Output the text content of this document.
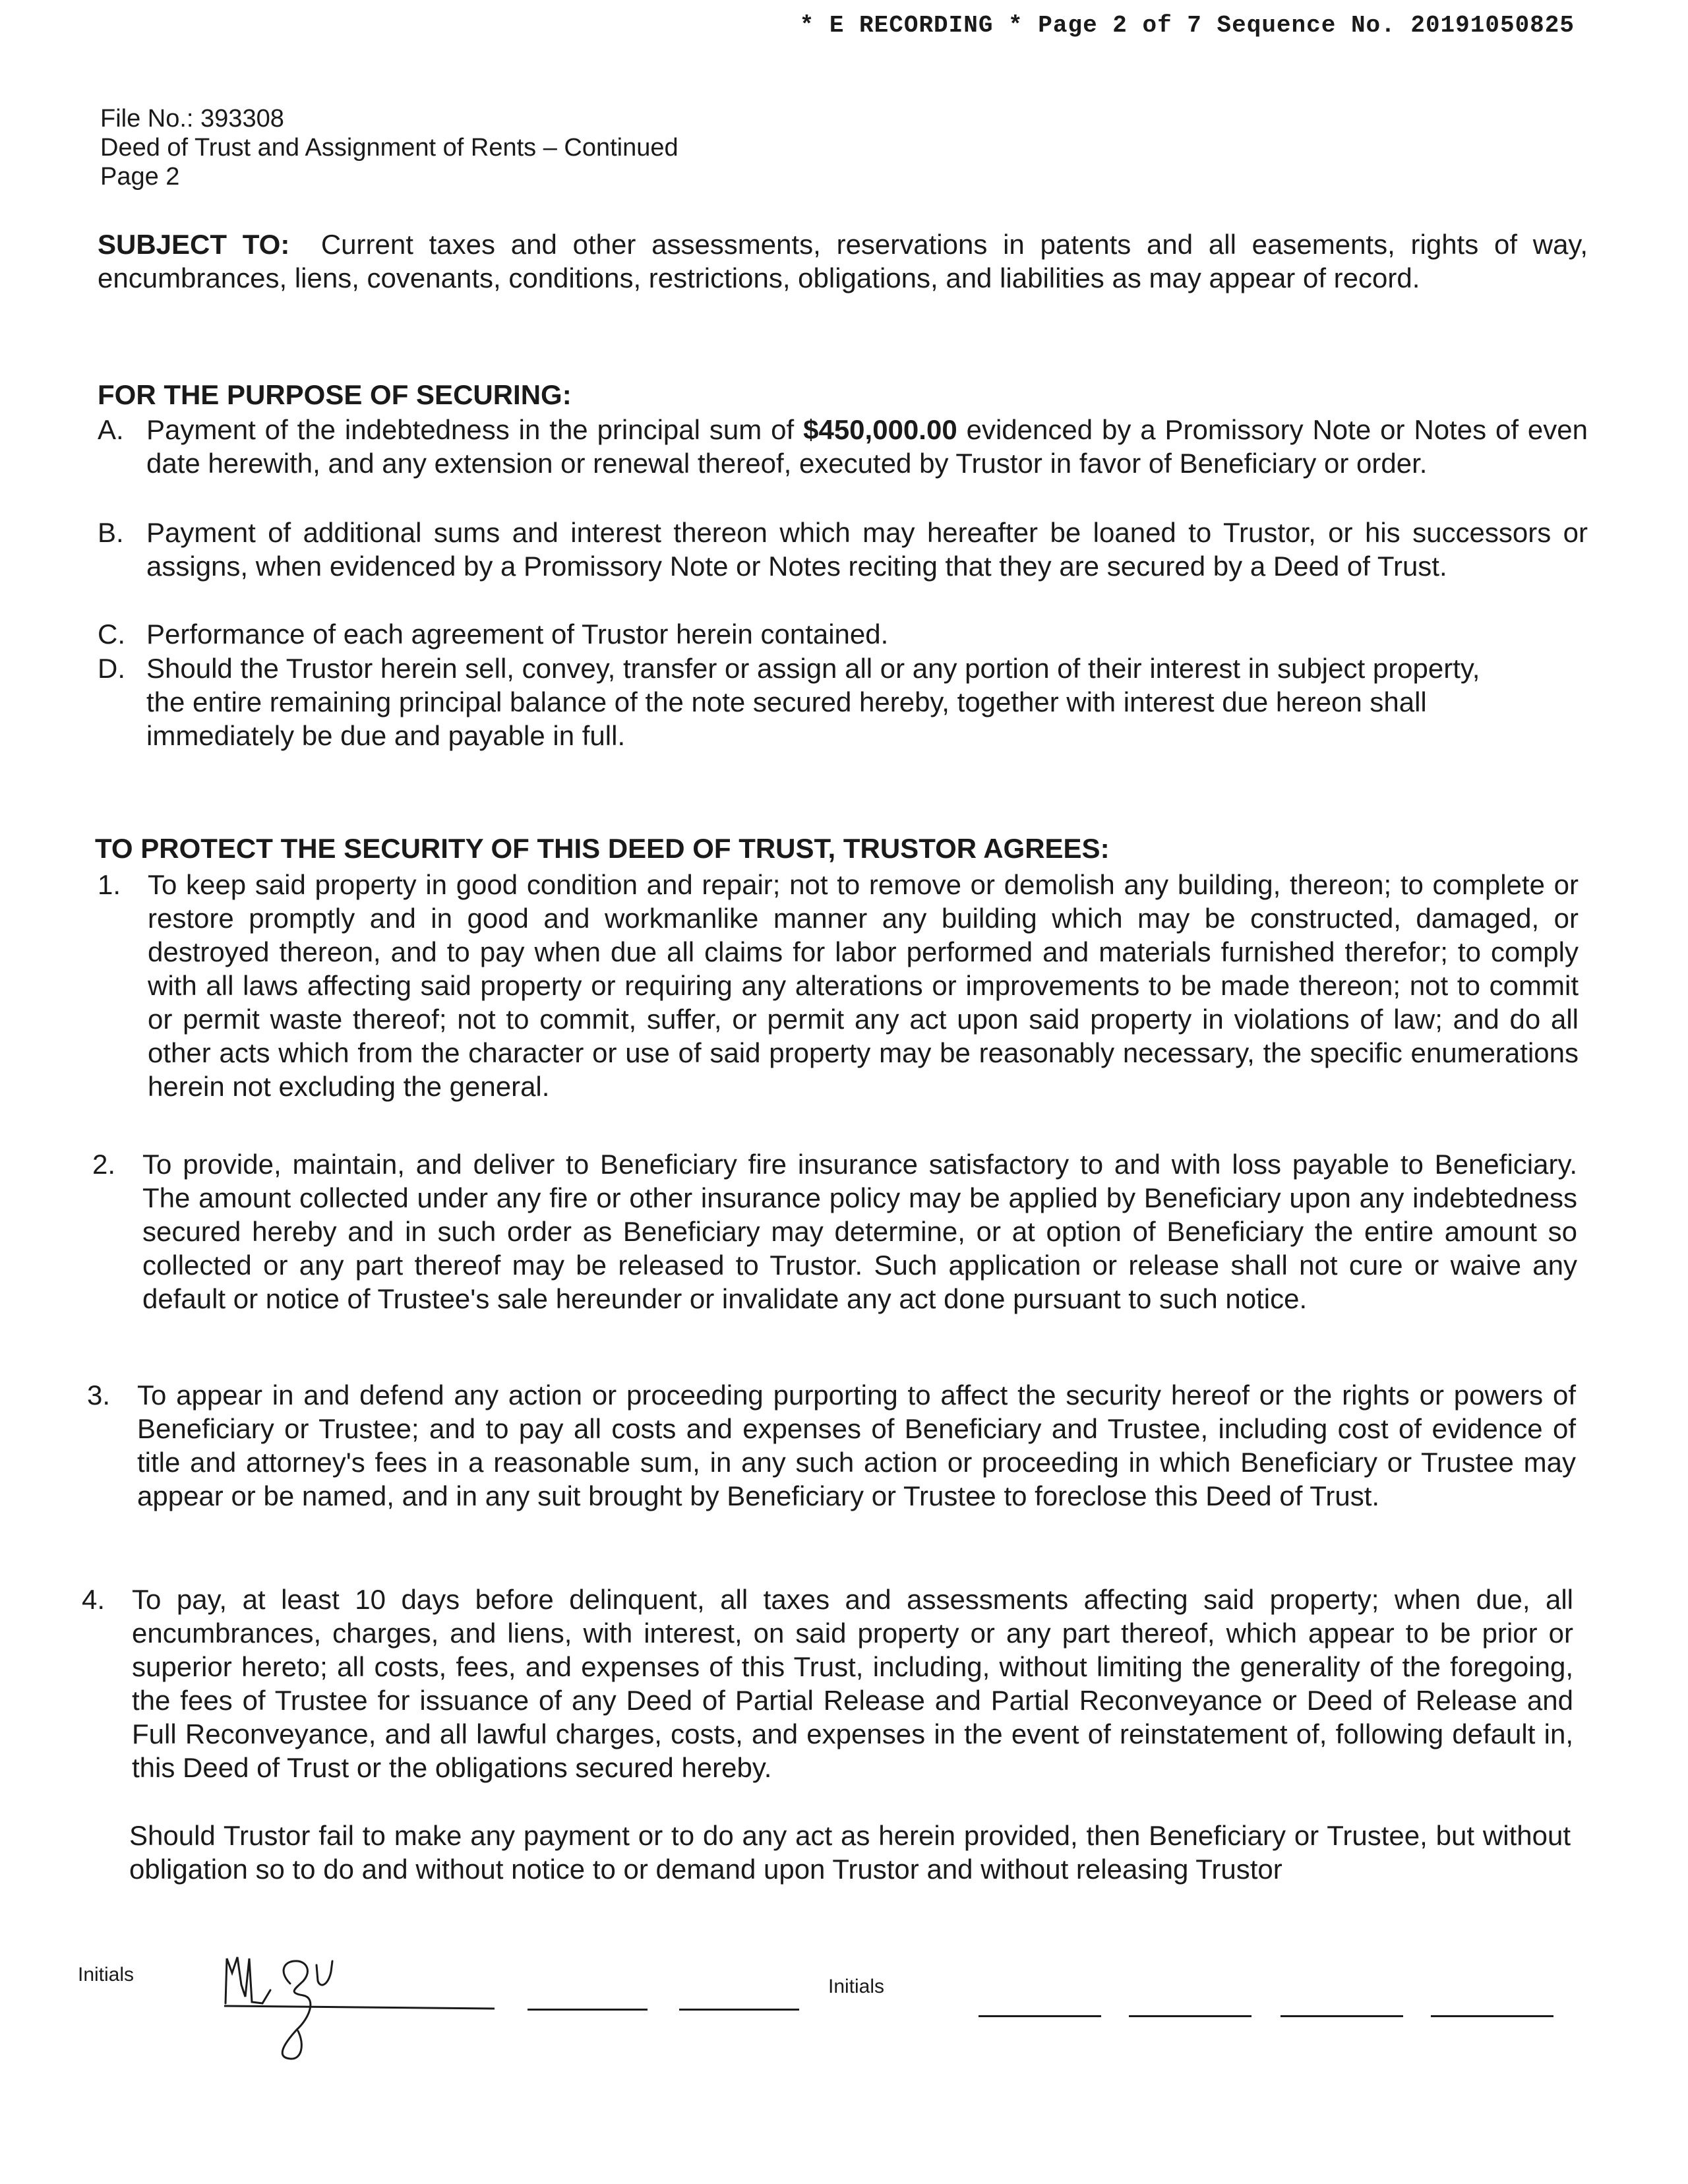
* E RECORDING * Page 2 of 7 Sequence No. 20191050825
File No.: 393308
Deed of Trust and Assignment of Rents – Continued
Page 2
SUBJECT TO: Current taxes and other assessments, reservations in patents and all easements, rights of way, encumbrances, liens, covenants, conditions, restrictions, obligations, and liabilities as may appear of record.
FOR THE PURPOSE OF SECURING:
A. Payment of the indebtedness in the principal sum of $450,000.00 evidenced by a Promissory Note or Notes of even date herewith, and any extension or renewal thereof, executed by Trustor in favor of Beneficiary or order.
B. Payment of additional sums and interest thereon which may hereafter be loaned to Trustor, or his successors or assigns, when evidenced by a Promissory Note or Notes reciting that they are secured by a Deed of Trust.
C. Performance of each agreement of Trustor herein contained.
D. Should the Trustor herein sell, convey, transfer or assign all or any portion of their interest in subject property, the entire remaining principal balance of the note secured hereby, together with interest due hereon shall immediately be due and payable in full.
TO PROTECT THE SECURITY OF THIS DEED OF TRUST, TRUSTOR AGREES:
1. To keep said property in good condition and repair; not to remove or demolish any building, thereon; to complete or restore promptly and in good and workmanlike manner any building which may be constructed, damaged, or destroyed thereon, and to pay when due all claims for labor performed and materials furnished therefor; to comply with all laws affecting said property or requiring any alterations or improvements to be made thereon; not to commit or permit waste thereof; not to commit, suffer, or permit any act upon said property in violations of law; and do all other acts which from the character or use of said property may be reasonably necessary, the specific enumerations herein not excluding the general.
2. To provide, maintain, and deliver to Beneficiary fire insurance satisfactory to and with loss payable to Beneficiary. The amount collected under any fire or other insurance policy may be applied by Beneficiary upon any indebtedness secured hereby and in such order as Beneficiary may determine, or at option of Beneficiary the entire amount so collected or any part thereof may be released to Trustor. Such application or release shall not cure or waive any default or notice of Trustee's sale hereunder or invalidate any act done pursuant to such notice.
3. To appear in and defend any action or proceeding purporting to affect the security hereof or the rights or powers of Beneficiary or Trustee; and to pay all costs and expenses of Beneficiary and Trustee, including cost of evidence of title and attorney's fees in a reasonable sum, in any such action or proceeding in which Beneficiary or Trustee may appear or be named, and in any suit brought by Beneficiary or Trustee to foreclose this Deed of Trust.
4. To pay, at least 10 days before delinquent, all taxes and assessments affecting said property; when due, all encumbrances, charges, and liens, with interest, on said property or any part thereof, which appear to be prior or superior hereto; all costs, fees, and expenses of this Trust, including, without limiting the generality of the foregoing, the fees of Trustee for issuance of any Deed of Partial Release and Partial Reconveyance or Deed of Release and Full Reconveyance, and all lawful charges, costs, and expenses in the event of reinstatement of, following default in, this Deed of Trust or the obligations secured hereby.
Should Trustor fail to make any payment or to do any act as herein provided, then Beneficiary or Trustee, but without obligation so to do and without notice to or demand upon Trustor and without releasing Trustor
Initials
Initials
